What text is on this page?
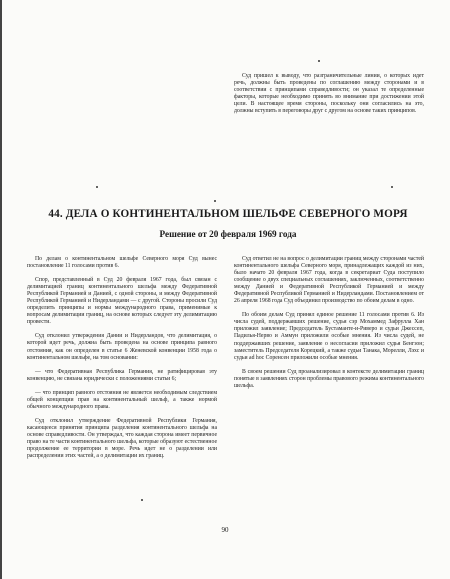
Суд пришел к выводу, что разграничительные линии, о которых идет речь, должны быть проведены по соглашению между сторонами и в соответствии с принципами справедливости; он указал те определенные факторы, которые необходимо принять во внимание при достижении этой цели. В настоящее время стороны, поскольку они согласились на это, должны вступить в переговоры друг с другом на основе таких принципов.

44. ДЕЛА О КОНТИНЕНТАЛЬНОМ ШЕЛЬФЕ СЕВЕРНОГО МОРЯ
Решение от 20 февраля 1969 года

По делам о континентальном шельфе Северного моря Суд вынес постановление 11 голосами против 6.

Спор, представленный в Суд 20 февраля 1967 года, был связан с делимитацией границ континентального шельфа между Федеративной Республикой Германией и Данией, с одной стороны, и между Федеративной Республикой Германией и Нидерландами — с другой. Стороны просили Суд определить принципы и нормы международного права, применимые к вопросам делимитации границ, на основе которых следует эту делимитацию провести.

Суд отклонил утверждения Дании и Нидерландов, что делимитация, о которой идет речь, должна быть проведена на основе принципа равного отстояния, как он определен в статье 6 Женевской конвенции 1958 года о континентальном шельфе, на том основании:

— что Федеративная Республика Германия, не ратифицировав эту конвенцию, не связана юридически с положениями статьи 6;

— что принцип равного отстояния не является необходимым следствием общей концепции прав на континентальный шельф, а также нормой обычного международного права.

Суд отклонил утверждение Федеративной Республики Германия, касающееся принятия принципа разделения континентального шельфа на основе справедливости. Он утверждал, что каждая сторона имеет первичное право на те части континентального шельфа, которые образуют естественное продолжение ее территории в море. Речь идет не о разделении или распределении этих частей, а о делимитации их границ.

Суд ответил не на вопрос о делимитации границ между сторонами частей континентального шельфа Северного моря, принадлежащих каждой из них, было начато 20 февраля 1967 года, когда в секретариат Суда поступило сообщение о двух специальных соглашениях, заключенных, соответственно между Данией и Федеративной Республикой Германией и между Федеративной Республикой Германией и Нидерландами. Постановлением от 26 апреля 1968 года Суд объединил производство по обоим делам в одно.

По обоим делам Суд принял единое решение 11 голосами против 6. Из числа судей, поддержавших решение, судья сэр Мохаммед Зафрулла Хан приложил заявление; Председатель Бустаманте-и-Риверо и судьи Джессеп, Падилья-Нерво и Аммун приложили особые мнения. Из числа судей, не поддержавших решение, заявление о несогласии приложил судья Бенгзон; заместитель Председателя Корецкий, а также судьи Танака, Морелли, Лэхс и судьи ad hoc Соренсен приложили особые мнения.

В своем решении Суд проанализировал в контексте делимитации границ понятые в заявлениях сторон проблемы правового режима континентального шельфа.

90
